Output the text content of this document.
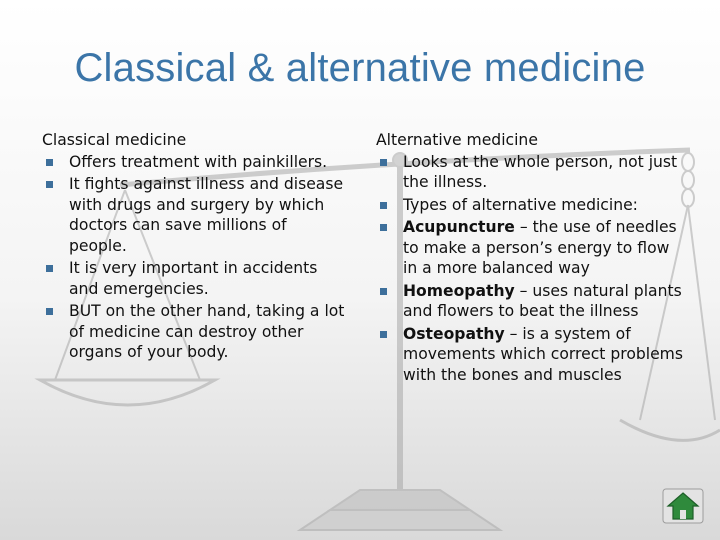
Classical & alternative medicine
Classical medicine
Offers treatment with painkillers.
It fights against illness and disease with drugs and surgery by which doctors can save millions of people.
It is very important in accidents and emergencies.
BUT on the other hand, taking a lot of medicine can destroy other organs of your body.
Alternative medicine
Looks at the whole person, not just the illness.
Types of alternative medicine:
Acupuncture – the use of needles to make a person’s energy to flow in a more balanced way
Homeopathy – uses natural plants and flowers to beat the illness
Osteopathy – is a system of movements which correct problems with the bones and muscles
